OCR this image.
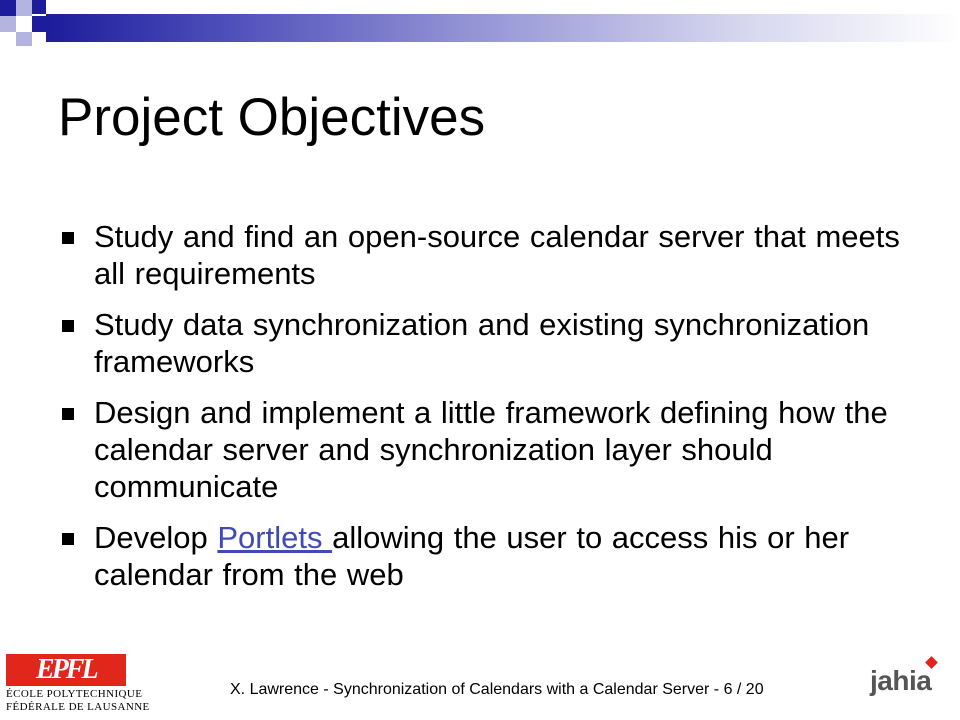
Project Objectives
Study and find an open-source calendar server that meets all requirements
Study data synchronization and existing synchronization frameworks
Design and implement a little framework defining how the calendar server and synchronization layer should communicate
Develop Portlets allowing the user to access his or her calendar from the web
EPFL
ÉCOLE POLYTECHNIQUE
FÉDÉRALE DE LAUSANNE
X. Lawrence - Synchronization of Calendars with a Calendar Server - 6 / 20	jahia
